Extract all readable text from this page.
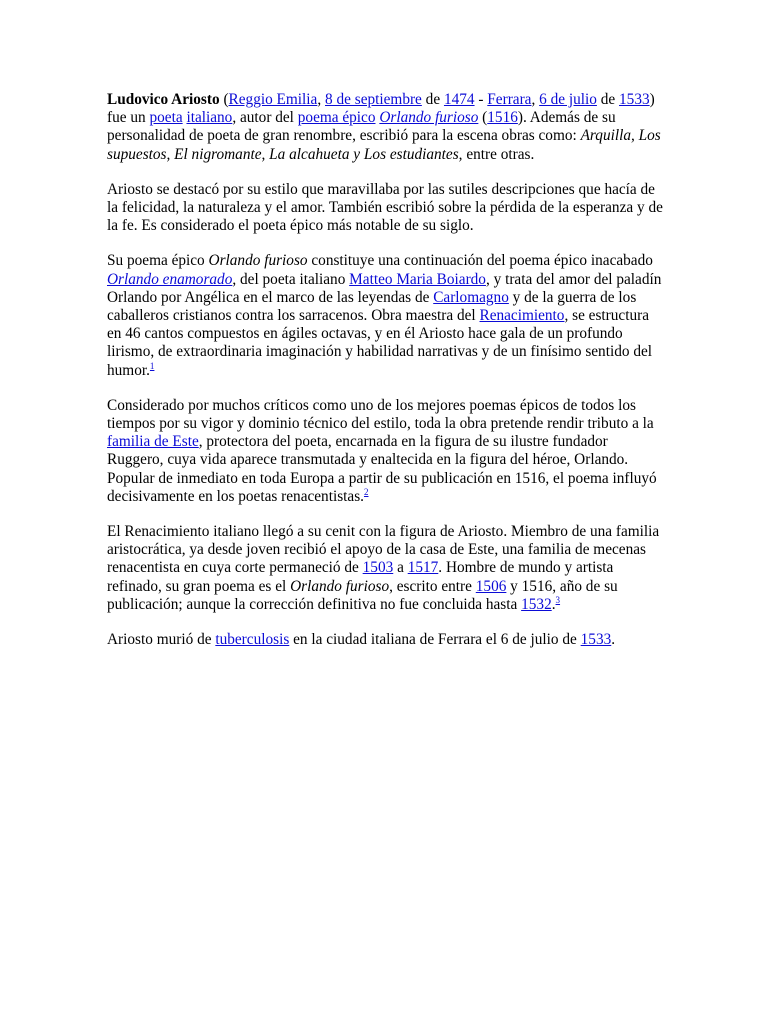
Ludovico Ariosto (Reggio Emilia, 8 de septiembre de 1474 - Ferrara, 6 de julio de 1533) fue un poeta italiano, autor del poema épico Orlando furioso (1516). Además de su personalidad de poeta de gran renombre, escribió para la escena obras como: Arquilla, Los supuestos, El nigromante, La alcahueta y Los estudiantes, entre otras.

Ariosto se destacó por su estilo que maravillaba por las sutiles descripciones que hacía de la felicidad, la naturaleza y el amor. También escribió sobre la pérdida de la esperanza y de la fe. Es considerado el poeta épico más notable de su siglo.

Su poema épico Orlando furioso constituye una continuación del poema épico inacabado Orlando enamorado, del poeta italiano Matteo Maria Boiardo, y trata del amor del paladín Orlando por Angélica en el marco de las leyendas de Carlomagno y de la guerra de los caballeros cristianos contra los sarracenos. Obra maestra del Renacimiento, se estructura en 46 cantos compuestos en ágiles octavas, y en él Ariosto hace gala de un profundo lirismo, de extraordinaria imaginación y habilidad narrativas y de un finísimo sentido del humor.$^1$

Considerado por muchos críticos como uno de los mejores poemas épicos de todos los tiempos por su vigor y dominio técnico del estilo, toda la obra pretende rendir tributo a la familia de Este, protectora del poeta, encarnada en la figura de su ilustre fundador Ruggero, cuya vida aparece transmutada y enaltecida en la figura del héroe, Orlando. Popular de inmediato en toda Europa a partir de su publicación en 1516, el poema influyó decisivamente en los poetas renacentistas.$^2$

El Renacimiento italiano llegó a su cenit con la figura de Ariosto. Miembro de una familia aristocrática, ya desde joven recibió el apoyo de la casa de Este, una familia de mecenas renacentista en cuya corte permaneció de 1503 a 1517. Hombre de mundo y artista refinado, su gran poema es el Orlando furioso, escrito entre 1506 y 1516, año de su publicación; aunque la corrección definitiva no fue concluida hasta 1532.$^3$

Ariosto murió de tuberculosis en la ciudad italiana de Ferrara el 6 de julio de 1533.
